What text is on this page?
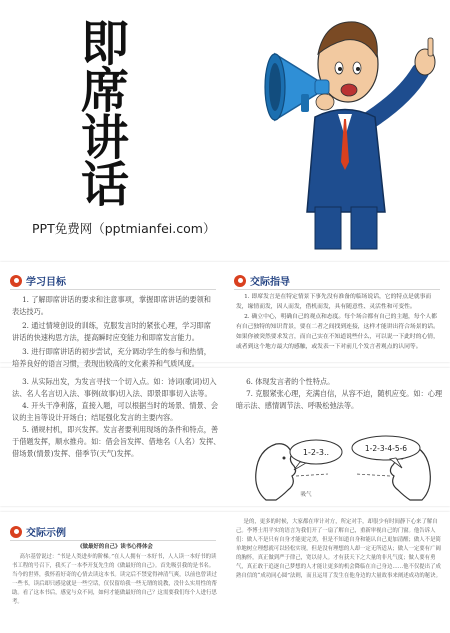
即
席
讲
话
PPT免费网（pptmianfei.com）
学习目标

1. 了解即席讲话的要求和注意事项，掌握即席讲话的要领和表达技巧。

2. 通过情境创设的训练，克服发言时的紧张心理，学习即席讲话的快速构思方法，提高瞬时应变能力和即席发言能力。

3. 进行即席讲话的初步尝试，充分调动学生的参与和热情，培养良好的语言习惯，表现出较高的文化素养和气质风度。

交际指导

1. 即席发言是在特定情景下事先没有准备的临场说话，它的特点是就事而发，缘情而发，因人而发，借机而发，具有随意性、灵活性和可变性。

2. 确立中心，明确自己的观点和态度。每个场合都有自己的主题，每个人都有自己独特的知识背景，要在二者之间找到连接，这样才能讲出符合场景的话。如果你被突然要求发言，而自己实在不知道说些什么，可以说一下此时的心情，或者到这个地方最大的感触，或发表一下对前几个发言者观点的认同等。

3. 从实际出发，为发言寻找一个切入点。如：诗词(歌词)切入法、名人名言切入法、事例(故事)切入法、即景即事切入法等。

4. 开头干净利落，直接入题，可以根据当时的场景、情景、会议的主旨等设计开场白；结尾强化发言的主要内容。

5. 循规村机，即兴发挥。发言者要利用现场的条件和特点，善于借题发挥，顺水推舟。如：借会旨发挥、借地名（人名）发挥、借场景(情景)发挥、借季节(天气)发挥。

6. 体现发言者的个性特点。

7. 克服紧张心理，充满自信，从容不迫，随机应变。如：心理暗示法、感情调节法、呼吸松弛法等。

1-2-3..
吸气
1-2-3-4-5-6
交际示例
《做最好的自己》读书心得体会

高尔基曾说过：“书是人类进步的阶梯。”在人人拥有一本好书，人人读一本好书的读书工程的号召下，我买了一本李开复先生的《做最好的自己》。首先吸引我的是书名。当今的世界，我怀着好奇的心情去读这本书。读完后不禁觉得神清气爽，以前也曾读过一些书，读后却只感觉就是一些空话，仅仅留给我一些无谓的说教，没什么实用性的帮助。看了这本书后，感觉与众不同，如何才能做最好的自己？这需要我们每个人进行思考。

是的，更多的时候，大家都在审计对方，所定对手，却很少有时间静下心来了解自己。李博士用平实的语言为我们开了一扇了解自己，重新审视自己的门窗。他告诉人们：做人不是只有自身才能更完美，但是不知道自身和能认自己更加清醒；做人不是简单地树立理想就可以轻松实现，但是没有理想的人却一定无所适从；做人一定要有广阔的胸怀，真正做到严于律己，宽以待人。才有获天下之大量的非凡气度；做人要有勇气，真正敢于追逐自己梦想的人才能让更多的机会降临在自己身边……他不仅提出了成熟自信的“成功同心圆”法则，而且运用了发生在他身边的大量故事来阐述成功的秘诀。
